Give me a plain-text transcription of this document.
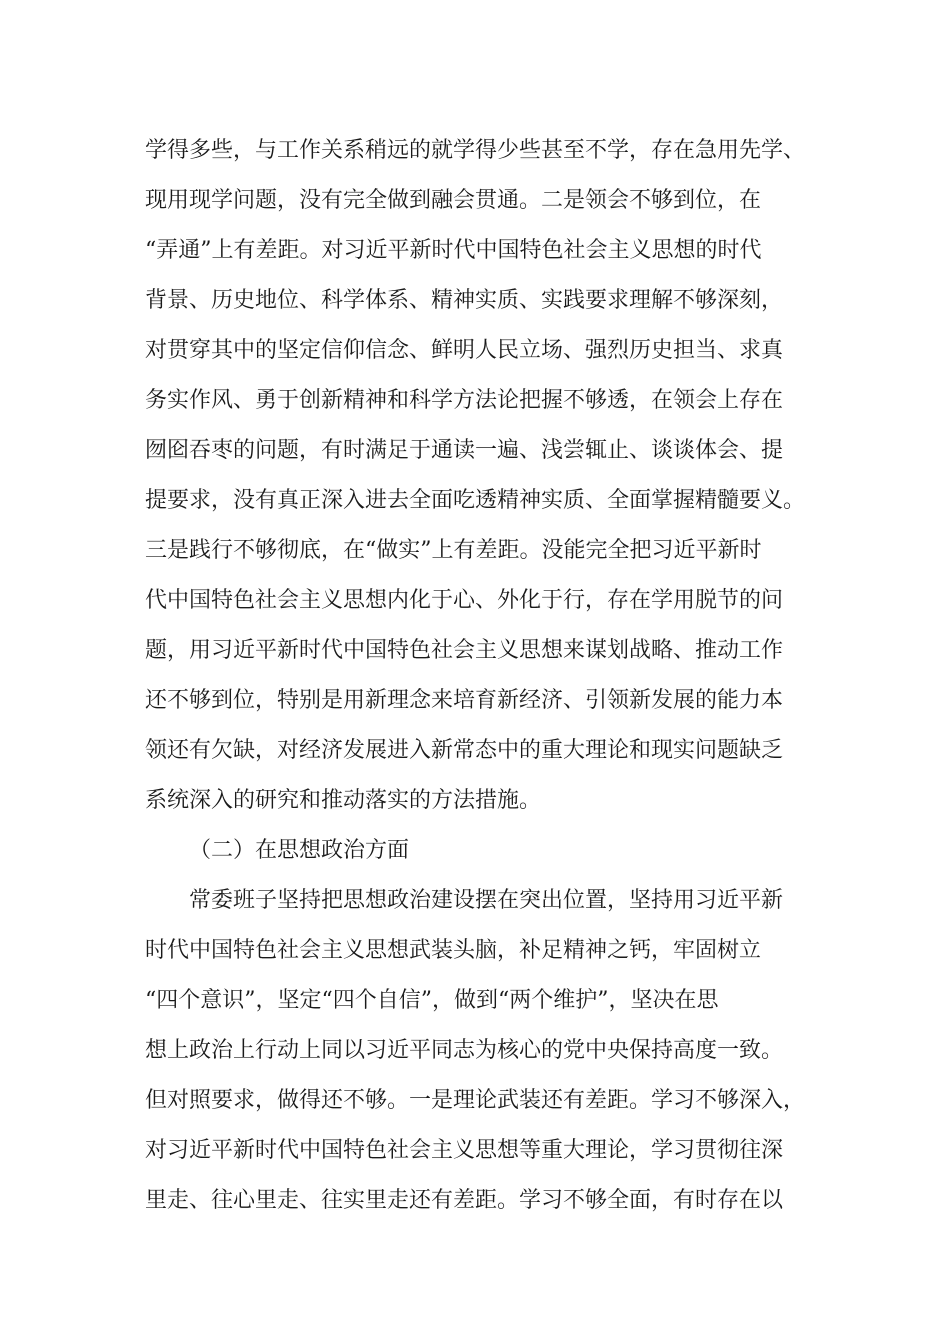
学得多些，与工作关系稍远的就学得少些甚至不学，存在急用先学、
现用现学问题，没有完全做到融会贯通。二是领会不够到位，在
“弄通”上有差距。对习近平新时代中国特色社会主义思想的时代
背景、历史地位、科学体系、精神实质、实践要求理解不够深刻，
对贯穿其中的坚定信仰信念、鲜明人民立场、强烈历史担当、求真
务实作风、勇于创新精神和科学方法论把握不够透，在领会上存在
囫囵吞枣的问题，有时满足于通读一遍、浅尝辄止、谈谈体会、提
提要求，没有真正深入进去全面吃透精神实质、全面掌握精髓要义。
三是践行不够彻底，在“做实”上有差距。没能完全把习近平新时
代中国特色社会主义思想内化于心、外化于行，存在学用脱节的问
题，用习近平新时代中国特色社会主义思想来谋划战略、推动工作
还不够到位，特别是用新理念来培育新经济、引领新发展的能力本
领还有欠缺，对经济发展进入新常态中的重大理论和现实问题缺乏
系统深入的研究和推动落实的方法措施。
（二）在思想政治方面
常委班子坚持把思想政治建设摆在突出位置，坚持用习近平新
时代中国特色社会主义思想武装头脑，补足精神之钙，牢固树立
“四个意识”，坚定“四个自信”，做到“两个维护”，坚决在思
想上政治上行动上同以习近平同志为核心的党中央保持高度一致。
但对照要求，做得还不够。一是理论武装还有差距。学习不够深入，
对习近平新时代中国特色社会主义思想等重大理论，学习贯彻往深
里走、往心里走、往实里走还有差距。学习不够全面，有时存在以
